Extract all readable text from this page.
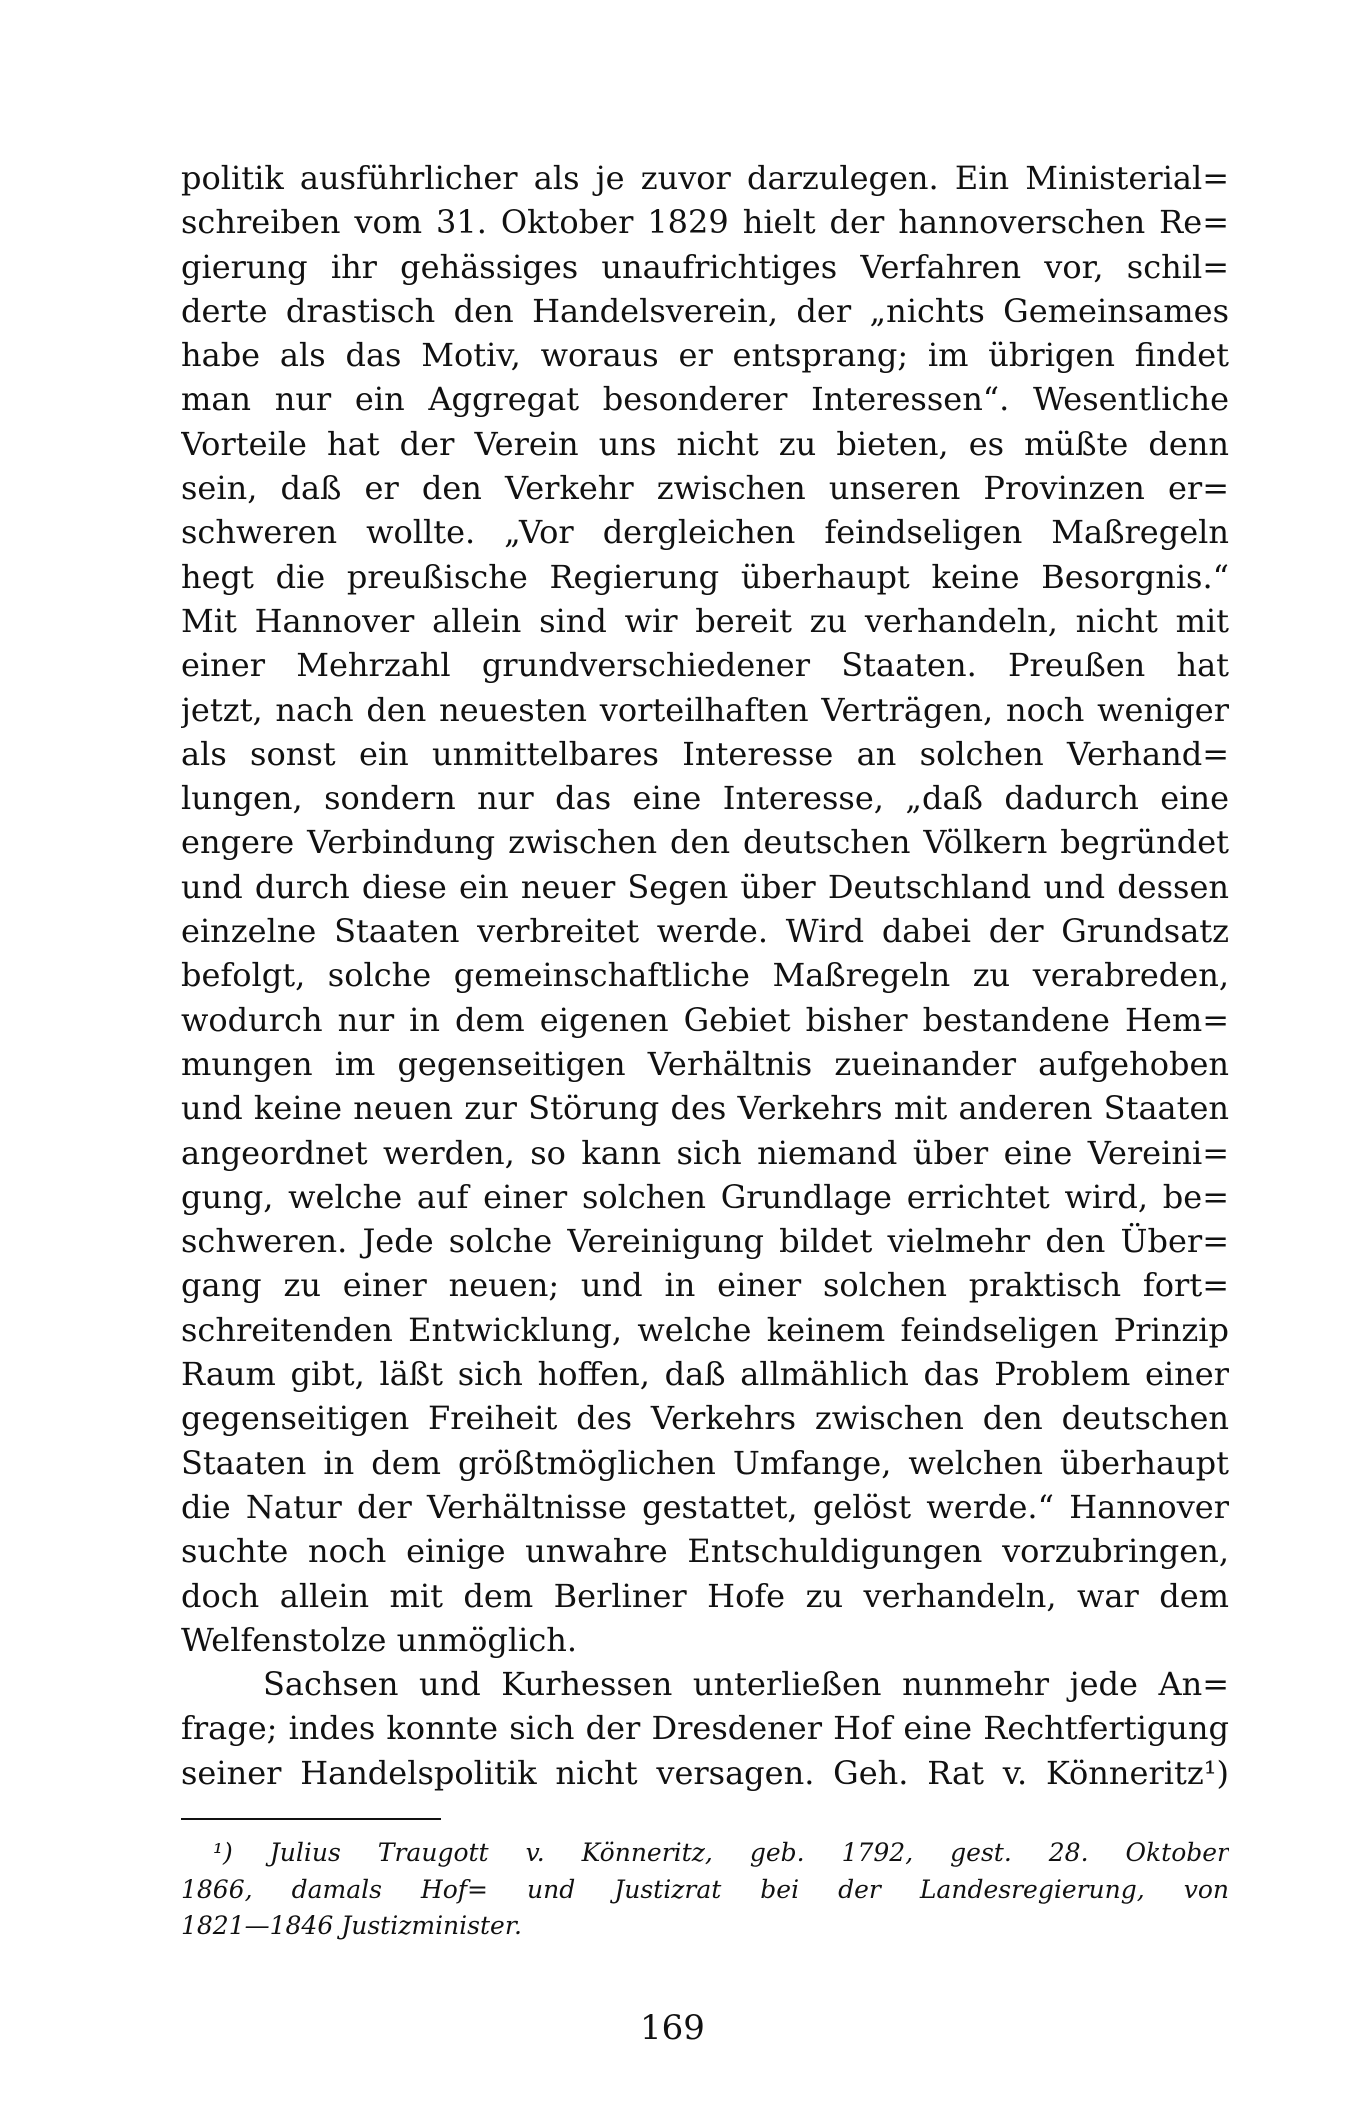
politik ausführlicher als je zuvor darzulegen. Ein Ministerial=
schreiben vom 31. Oktober 1829 hielt der hannoverschen Re=
gierung ihr gehässiges unaufrichtiges Verfahren vor, schil=
derte drastisch den Handelsverein, der „nichts Gemeinsames
habe als das Motiv, woraus er entsprang; im übrigen findet
man nur ein Aggregat besonderer Interessen“. Wesentliche
Vorteile hat der Verein uns nicht zu bieten, es müßte denn
sein, daß er den Verkehr zwischen unseren Provinzen er=
schweren wollte. „Vor dergleichen feindseligen Maßregeln
hegt die preußische Regierung überhaupt keine Besorgnis.“
Mit Hannover allein sind wir bereit zu verhandeln, nicht mit
einer Mehrzahl grundverschiedener Staaten. Preußen hat
jetzt, nach den neuesten vorteilhaften Verträgen, noch weniger
als sonst ein unmittelbares Interesse an solchen Verhand=
lungen, sondern nur das eine Interesse, „daß dadurch eine
engere Verbindung zwischen den deutschen Völkern begründet
und durch diese ein neuer Segen über Deutschland und dessen
einzelne Staaten verbreitet werde. Wird dabei der Grundsatz
befolgt, solche gemeinschaftliche Maßregeln zu verabreden,
wodurch nur in dem eigenen Gebiet bisher bestandene Hem=
mungen im gegenseitigen Verhältnis zueinander aufgehoben
und keine neuen zur Störung des Verkehrs mit anderen Staaten
angeordnet werden, so kann sich niemand über eine Vereini=
gung, welche auf einer solchen Grundlage errichtet wird, be=
schweren. Jede solche Vereinigung bildet vielmehr den Über=
gang zu einer neuen; und in einer solchen praktisch fort=
schreitenden Entwicklung, welche keinem feindseligen Prinzip
Raum gibt, läßt sich hoffen, daß allmählich das Problem einer
gegenseitigen Freiheit des Verkehrs zwischen den deutschen
Staaten in dem größtmöglichen Umfange, welchen überhaupt
die Natur der Verhältnisse gestattet, gelöst werde.“ Hannover
suchte noch einige unwahre Entschuldigungen vorzubringen,
doch allein mit dem Berliner Hofe zu verhandeln, war dem
Welfenstolze unmöglich.
Sachsen und Kurhessen unterließen nunmehr jede An=
frage; indes konnte sich der Dresdener Hof eine Rechtfertigung
seiner Handelspolitik nicht versagen. Geh. Rat v. Könneritz¹)
¹) Julius Traugott v. Könneritz, geb. 1792, gest. 28. Oktober
1866, damals Hof= und Justizrat bei der Landesregierung, von
1821—1846 Justizminister.
169
